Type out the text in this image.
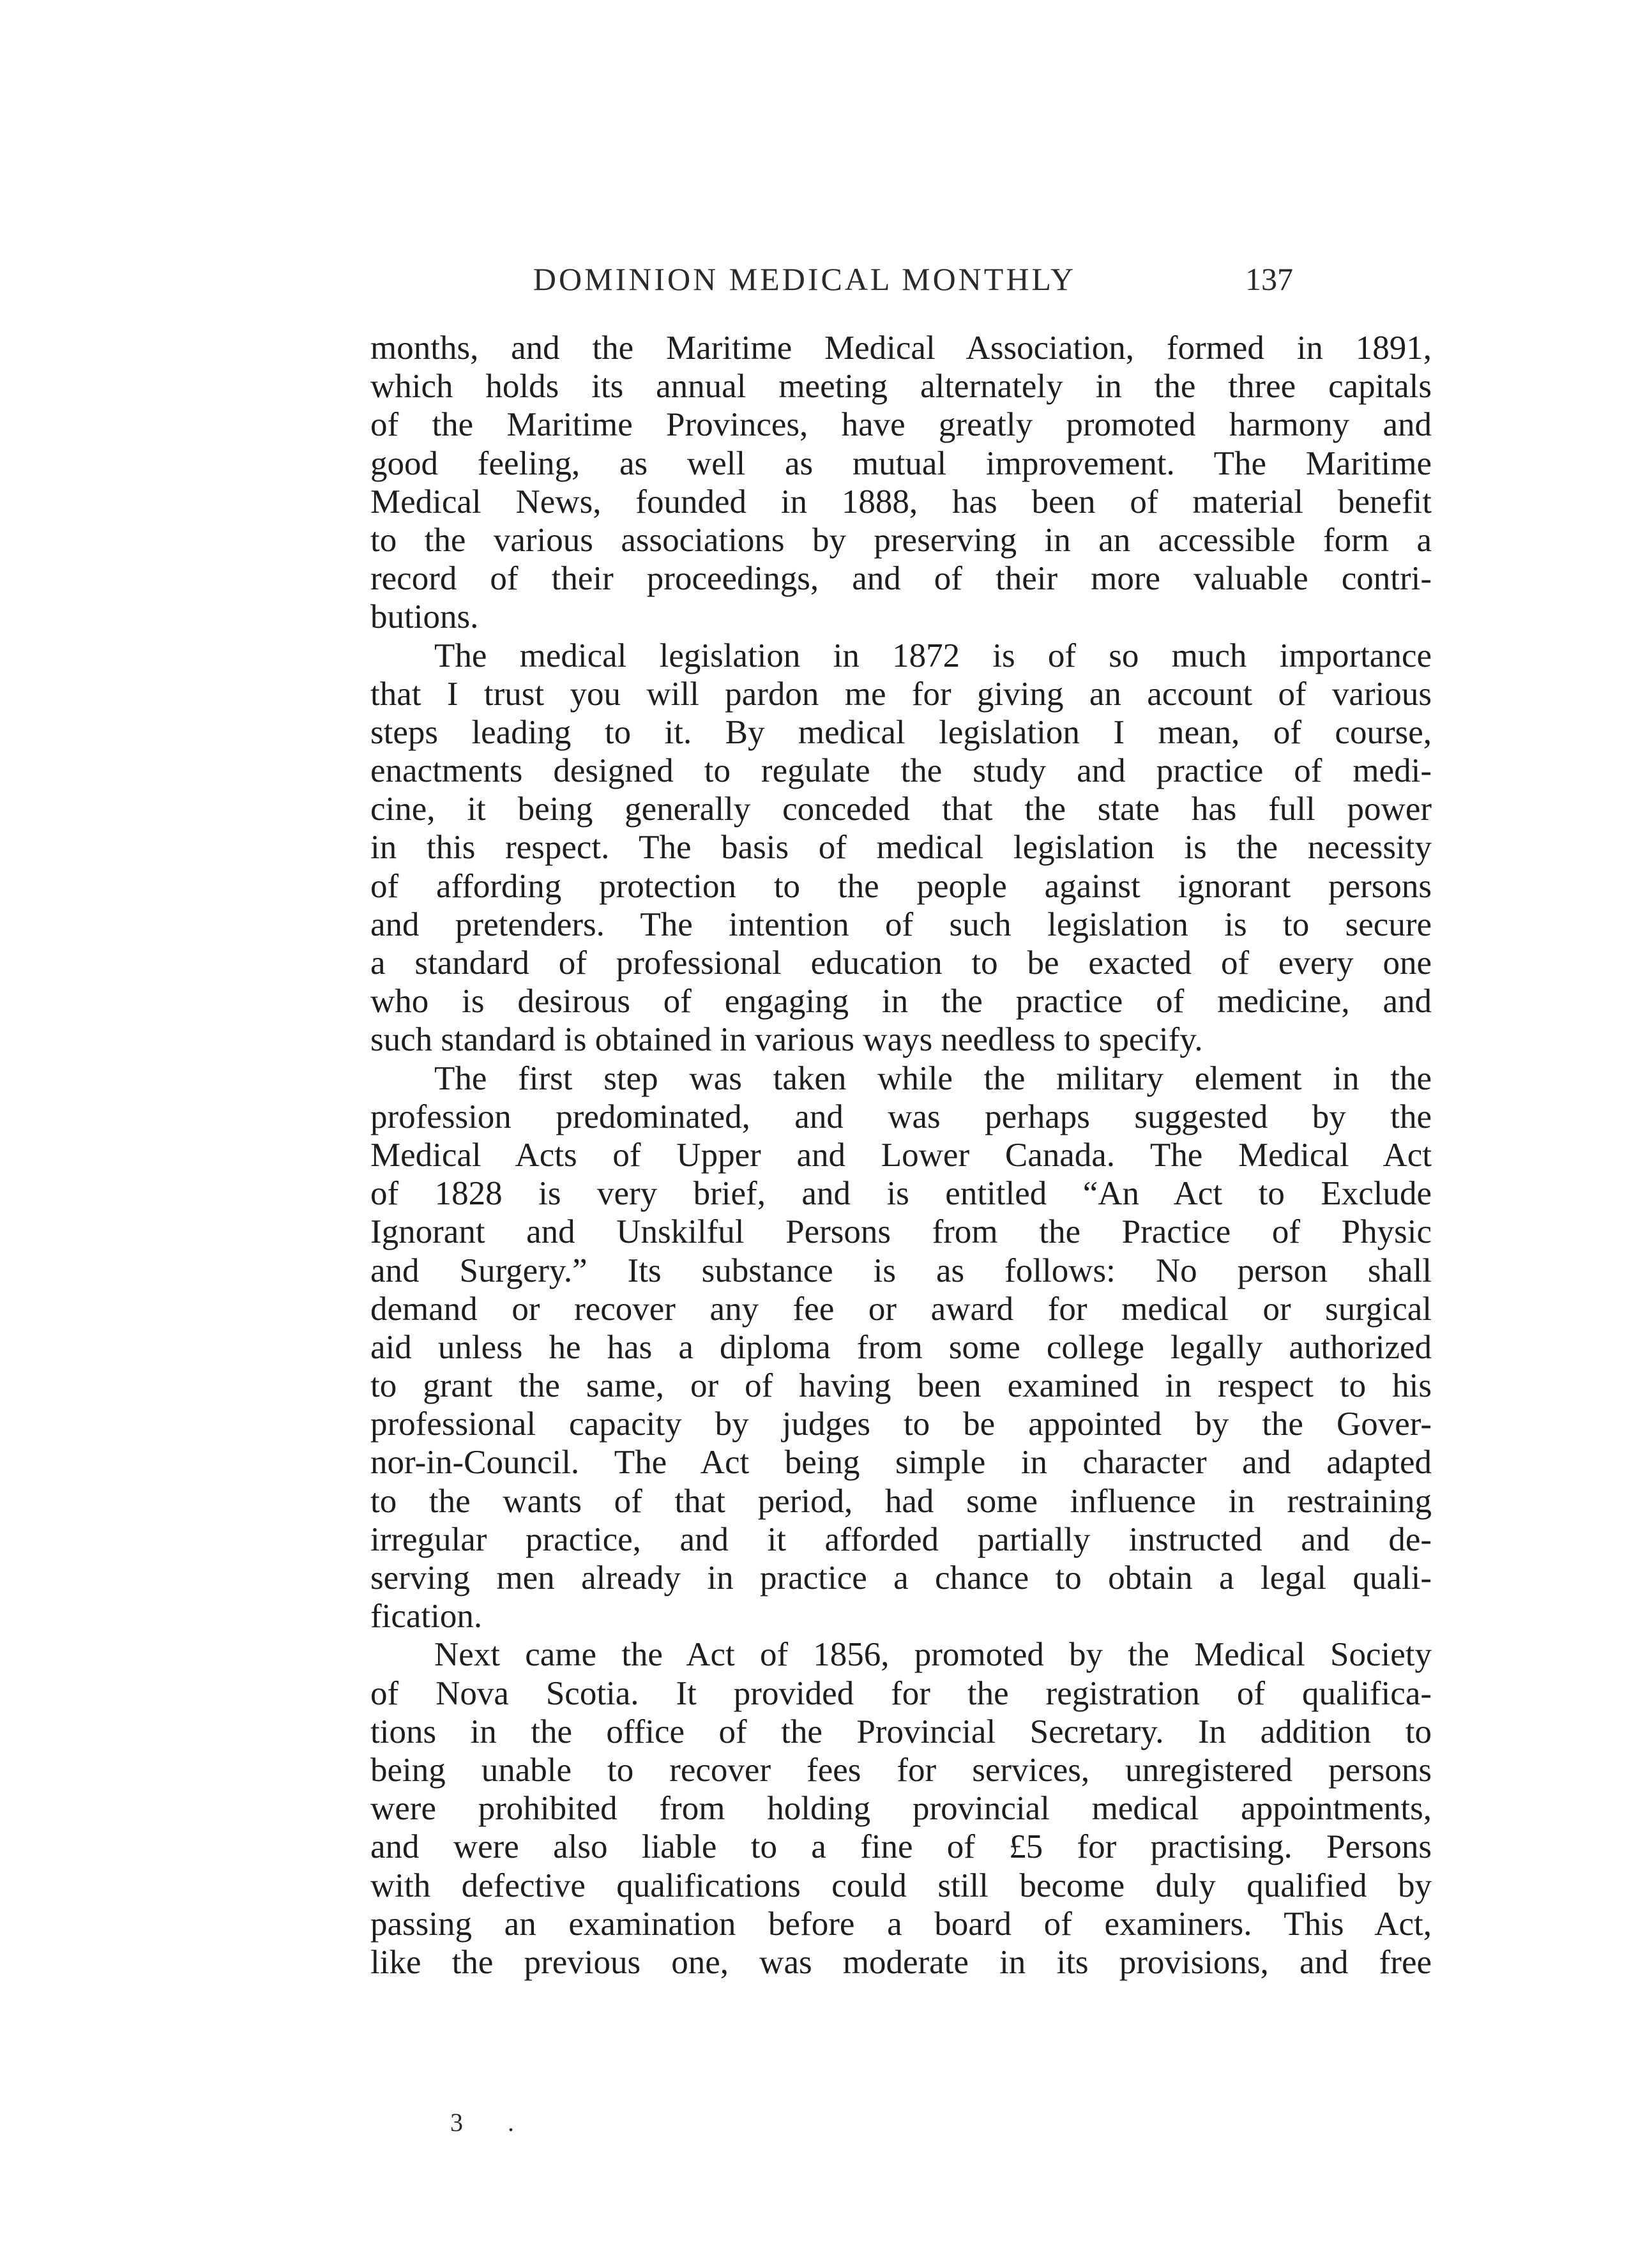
DOMINION MEDICAL MONTHLY	137
months, and the Maritime Medical Association, formed in 1891,
which holds its annual meeting alternately in the three capitals
of the Maritime Provinces, have greatly promoted harmony and
good feeling, as well as mutual improvement. The Maritime
Medical News, founded in 1888, has been of material benefit
to the various associations by preserving in an accessible form a
record of their proceedings, and of their more valuable contri-
butions.
The medical legislation in 1872 is of so much importance
that I trust you will pardon me for giving an account of various
steps leading to it. By medical legislation I mean, of course,
enactments designed to regulate the study and practice of medi-
cine, it being generally conceded that the state has full power
in this respect. The basis of medical legislation is the necessity
of affording protection to the people against ignorant persons
and pretenders. The intention of such legislation is to secure
a standard of professional education to be exacted of every one
who is desirous of engaging in the practice of medicine, and
such standard is obtained in various ways needless to specify.
The first step was taken while the military element in the
profession predominated, and was perhaps suggested by the
Medical Acts of Upper and Lower Canada. The Medical Act
of 1828 is very brief, and is entitled “An Act to Exclude
Ignorant and Unskilful Persons from the Practice of Physic
and Surgery.” Its substance is as follows: No person shall
demand or recover any fee or award for medical or surgical
aid unless he has a diploma from some college legally authorized
to grant the same, or of having been examined in respect to his
professional capacity by judges to be appointed by the Gover-
nor-in-Council. The Act being simple in character and adapted
to the wants of that period, had some influence in restraining
irregular practice, and it afforded partially instructed and de-
serving men already in practice a chance to obtain a legal quali-
fication.
Next came the Act of 1856, promoted by the Medical Society
of Nova Scotia. It provided for the registration of qualifica-
tions in the office of the Provincial Secretary. In addition to
being unable to recover fees for services, unregistered persons
were prohibited from holding provincial medical appointments,
and were also liable to a fine of £5 for practising. Persons
with defective qualifications could still become duly qualified by
passing an examination before a board of examiners. This Act,
like the previous one, was moderate in its provisions, and free
3 .
